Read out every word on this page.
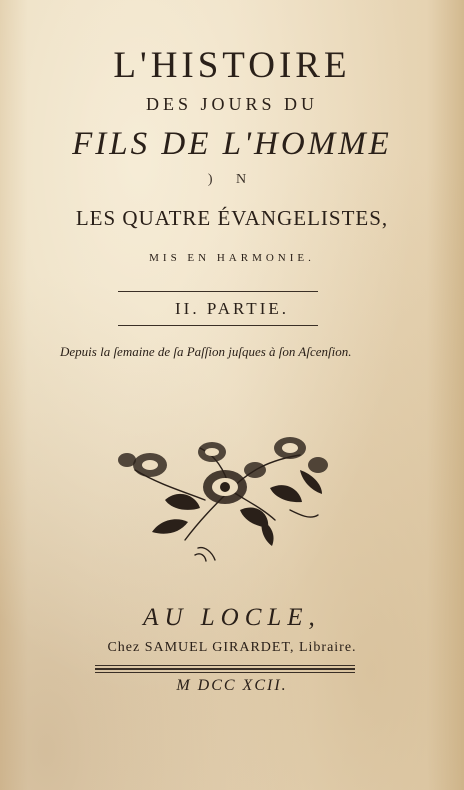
L'HISTOIRE
DES JOURS DU
FILS DE L'HOMME
) N
LES QUATRE ÉVANGELISTES,
MIS EN HARMONIE.
II. PARTIE.
Depuis la ſemaine de ſa Paſſion juſques à ſon Aſcenſion.
AU LOCLE,
Chez SAMUEL GIRARDET, Libraire.
M DCC XCII.
